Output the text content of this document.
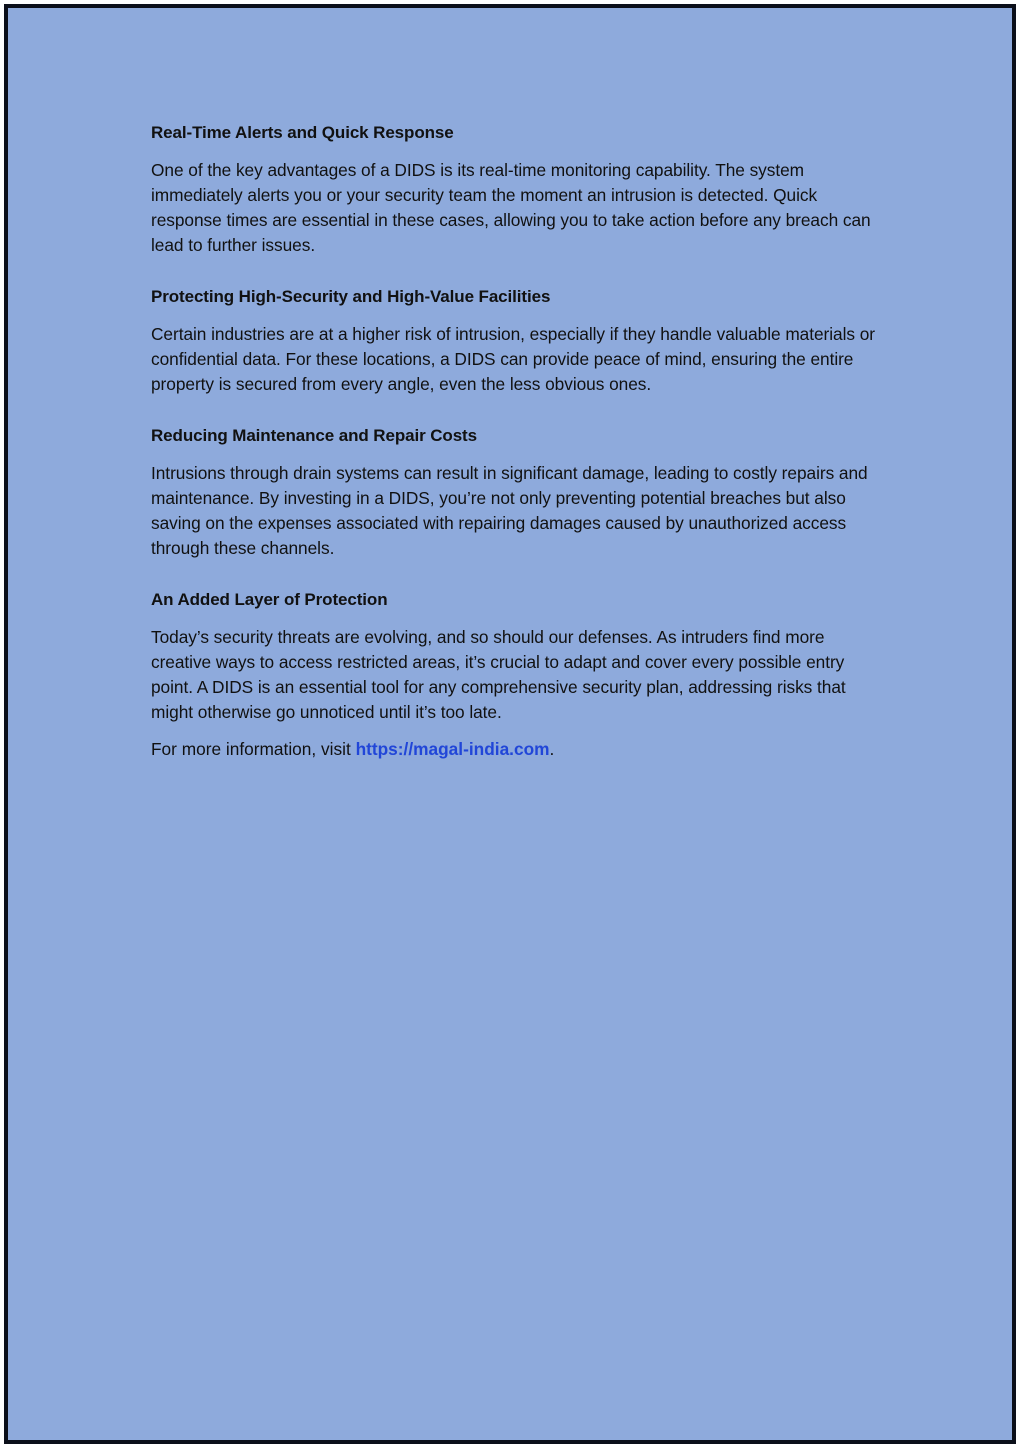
Real-Time Alerts and Quick Response
One of the key advantages of a DIDS is its real-time monitoring capability. The system immediately alerts you or your security team the moment an intrusion is detected. Quick response times are essential in these cases, allowing you to take action before any breach can lead to further issues.
Protecting High-Security and High-Value Facilities
Certain industries are at a higher risk of intrusion, especially if they handle valuable materials or confidential data. For these locations, a DIDS can provide peace of mind, ensuring the entire property is secured from every angle, even the less obvious ones.
Reducing Maintenance and Repair Costs
Intrusions through drain systems can result in significant damage, leading to costly repairs and maintenance. By investing in a DIDS, you’re not only preventing potential breaches but also saving on the expenses associated with repairing damages caused by unauthorized access through these channels.
An Added Layer of Protection
Today’s security threats are evolving, and so should our defenses. As intruders find more creative ways to access restricted areas, it’s crucial to adapt and cover every possible entry point. A DIDS is an essential tool for any comprehensive security plan, addressing risks that might otherwise go unnoticed until it’s too late.

For more information, visit https://magal-india.com.
